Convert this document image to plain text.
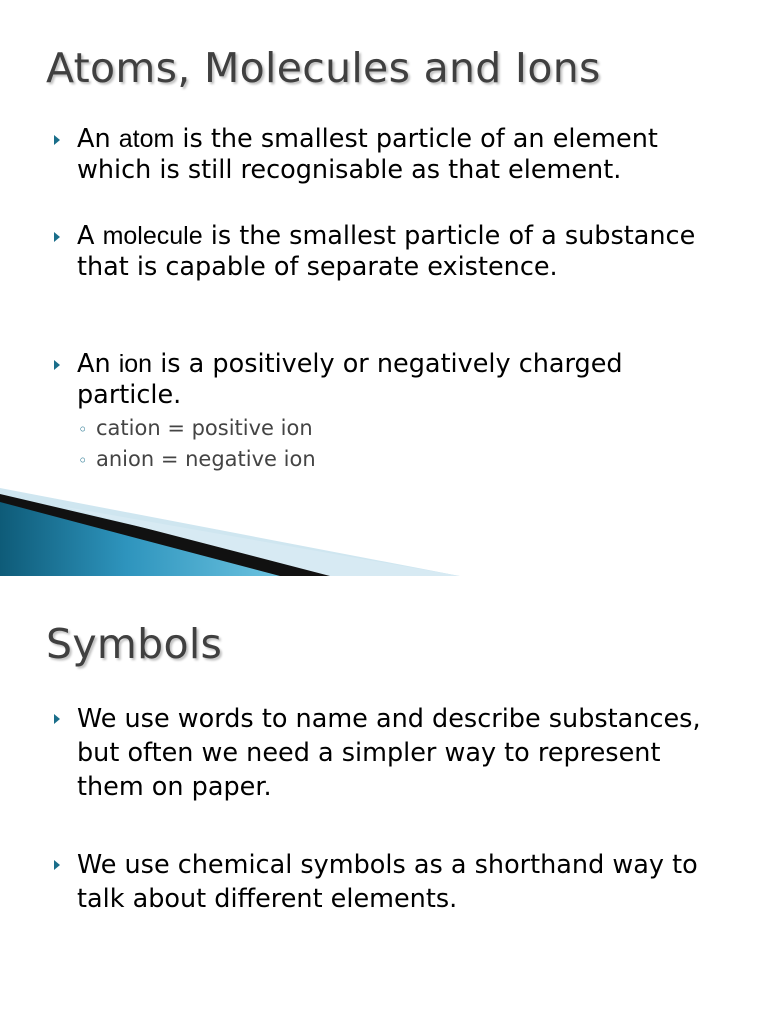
Atoms, Molecules and Ions
An atom is the smallest particle of an element which is still recognisable as that element.
A molecule is the smallest particle of a substance that is capable of separate existence.
An ion is a positively or negatively charged particle.
◦ cation = positive ion
◦ anion = negative ion
Symbols
We use words to name and describe substances, but often we need a simpler way to represent them on paper.
We use chemical symbols as a shorthand way to talk about different elements.
